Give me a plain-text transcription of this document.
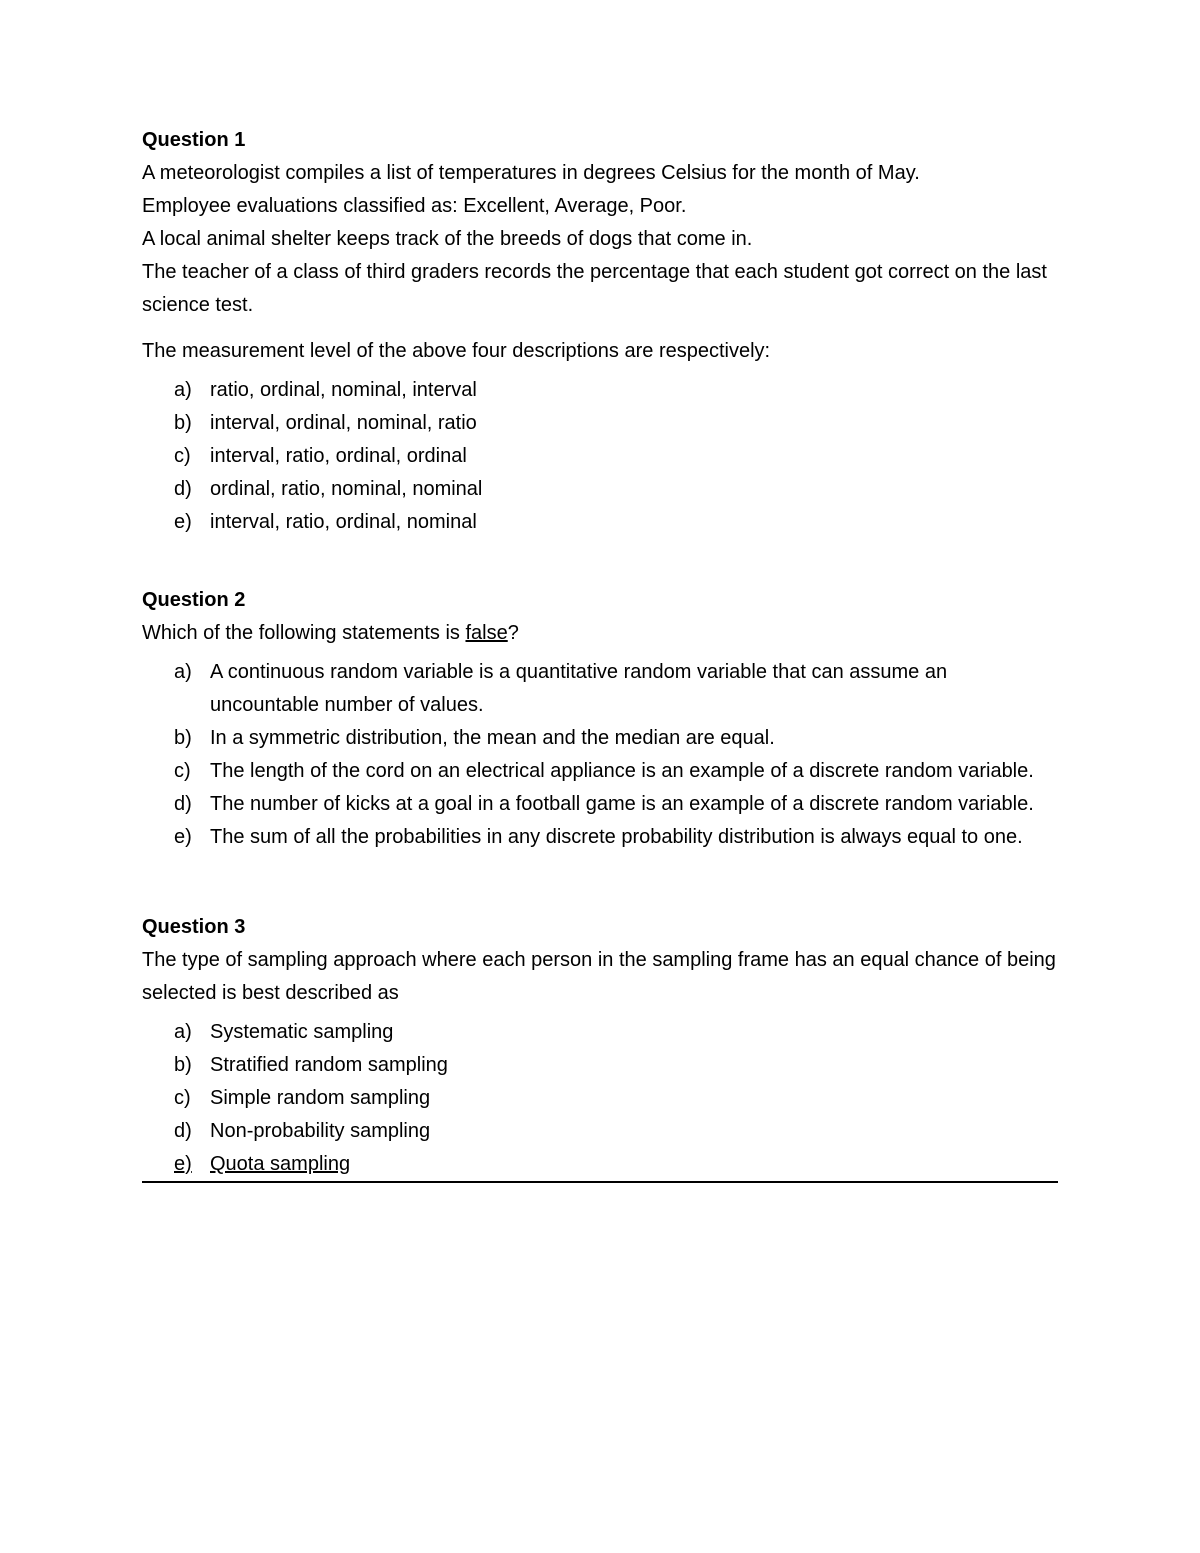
Question 1

A meteorologist compiles a list of temperatures in degrees Celsius for the month of May.

Employee evaluations classified as: Excellent, Average, Poor.

A local animal shelter keeps track of the breeds of dogs that come in.

The teacher of a class of third graders records the percentage that each student got correct on the last science test.

The measurement level of the above four descriptions are respectively:

a) ratio, ordinal, nominal, interval
b) interval, ordinal, nominal, ratio
c) interval, ratio, ordinal, ordinal
d) ordinal, ratio, nominal, nominal
e) interval, ratio, ordinal, nominal

Question 2

Which of the following statements is false?

a) A continuous random variable is a quantitative random variable that can assume an uncountable number of values.
b) In a symmetric distribution, the mean and the median are equal.
c) The length of the cord on an electrical appliance is an example of a discrete random variable.
d) The number of kicks at a goal in a football game is an example of a discrete random variable.
e) The sum of all the probabilities in any discrete probability distribution is always equal to one.

Question 3

The type of sampling approach where each person in the sampling frame has an equal chance of being selected is best described as

a) Systematic sampling
b) Stratified random sampling
c) Simple random sampling
d) Non-probability sampling
e) Quota sampling
